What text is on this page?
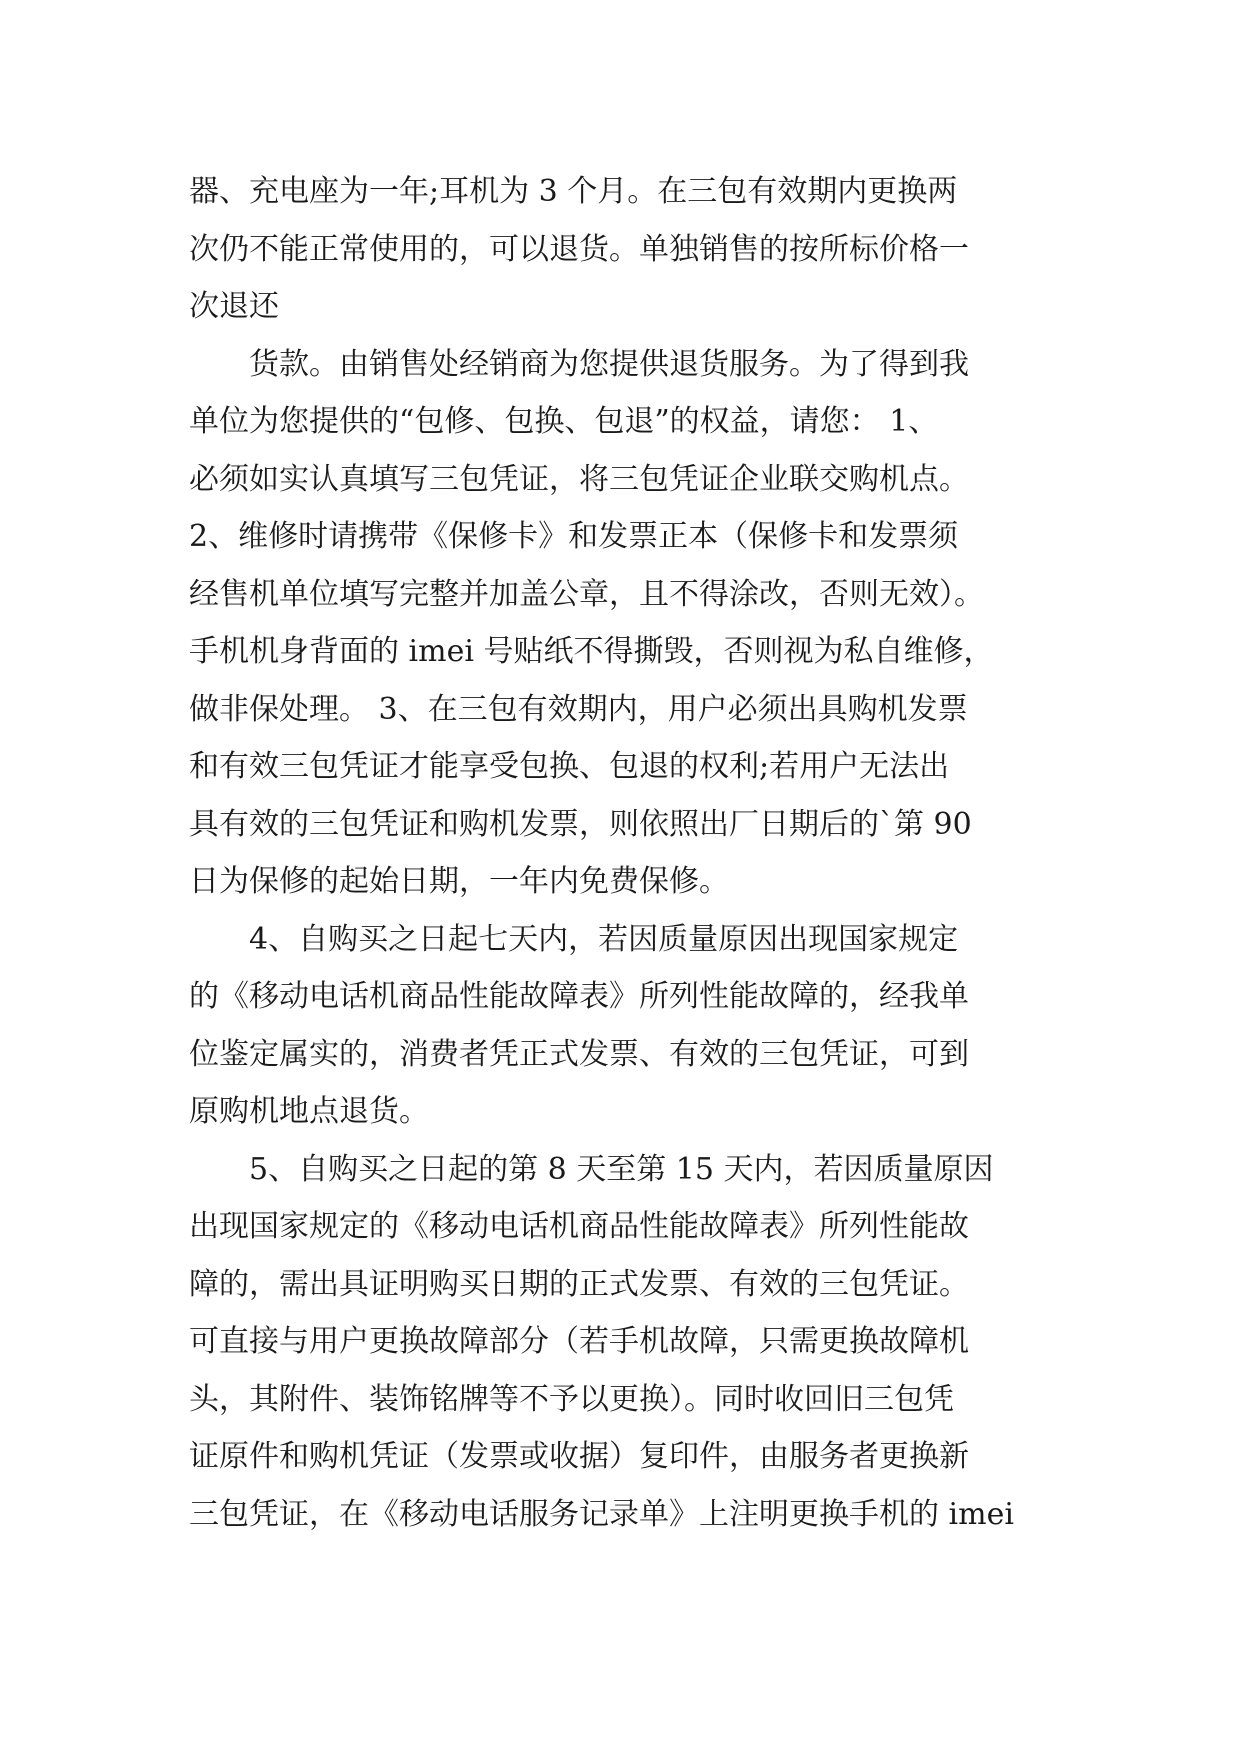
器、充电座为一年;耳机为 3 个月。在三包有效期内更换两
次仍不能正常使用的，可以退货。单独销售的按所标价格一
次退还
货款。由销售处经销商为您提供退货服务。为了得到我
单位为您提供的“包修、包换、包退”的权益，请您： 1、
必须如实认真填写三包凭证，将三包凭证企业联交购机点。
2、维修时请携带《保修卡》和发票正本（保修卡和发票须
经售机单位填写完整并加盖公章，且不得涂改，否则无效）。
手机机身背面的 imei 号贴纸不得撕毁，否则视为私自维修，
做非保处理。 3、在三包有效期内，用户必须出具购机发票
和有效三包凭证才能享受包换、包退的权利;若用户无法出
具有效的三包凭证和购机发票，则依照出厂日期后的`第 90
日为保修的起始日期，一年内免费保修。
4、自购买之日起七天内，若因质量原因出现国家规定
的《移动电话机商品性能故障表》所列性能故障的，经我单
位鉴定属实的，消费者凭正式发票、有效的三包凭证，可到
原购机地点退货。
5、自购买之日起的第 8 天至第 15 天内，若因质量原因
出现国家规定的《移动电话机商品性能故障表》所列性能故
障的，需出具证明购买日期的正式发票、有效的三包凭证。
可直接与用户更换故障部分（若手机故障，只需更换故障机
头，其附件、装饰铭牌等不予以更换）。同时收回旧三包凭
证原件和购机凭证（发票或收据）复印件，由服务者更换新
三包凭证，在《移动电话服务记录单》上注明更换手机的 imei
